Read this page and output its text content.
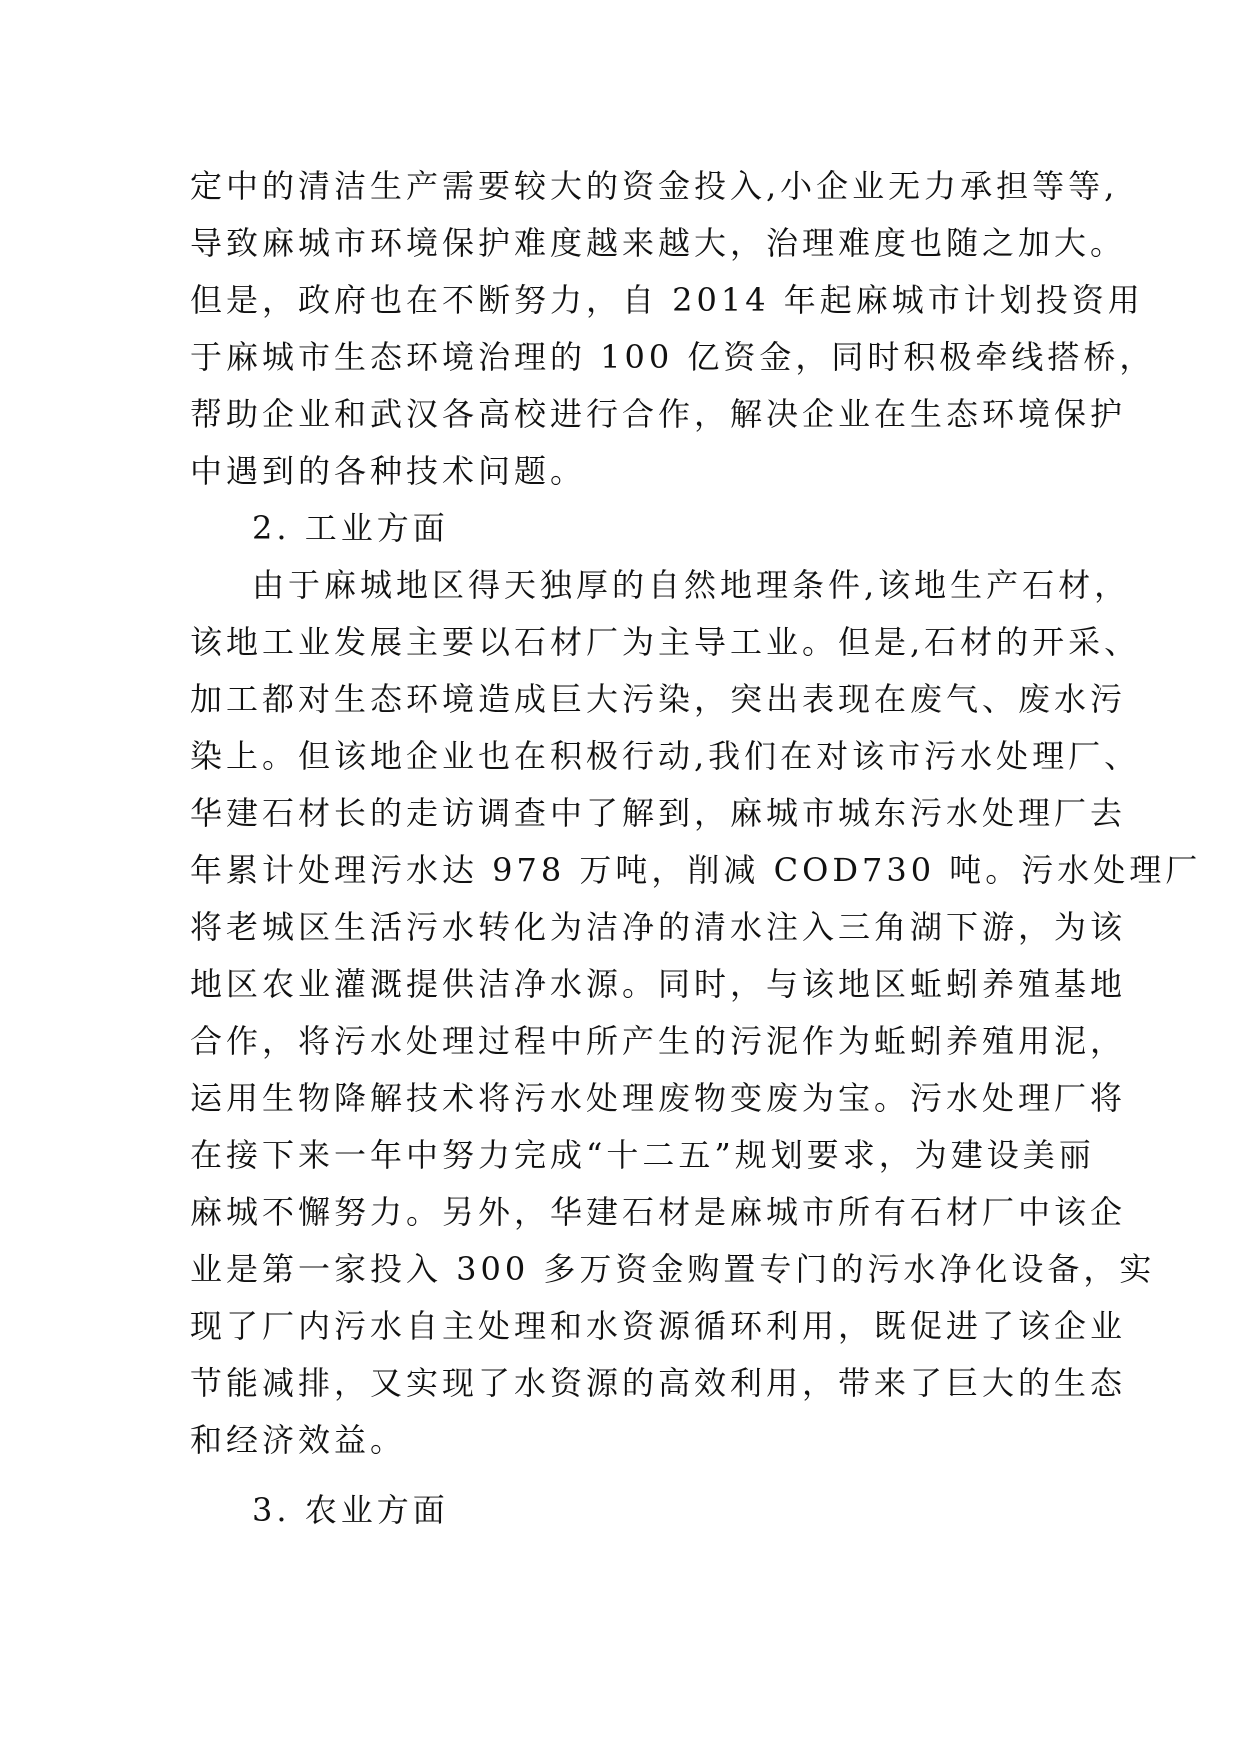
定中的清洁生产需要较大的资金投入,小企业无力承担等等,
导致麻城市环境保护难度越来越大，治理难度也随之加大。
但是，政府也在不断努力，自 2014 年起麻城市计划投资用
于麻城市生态环境治理的 100 亿资金，同时积极牵线搭桥，
帮助企业和武汉各高校进行合作，解决企业在生态环境保护
中遇到的各种技术问题。
2. 工业方面
由于麻城地区得天独厚的自然地理条件,该地生产石材，
该地工业发展主要以石材厂为主导工业。但是,石材的开采、
加工都对生态环境造成巨大污染，突出表现在废气、废水污
染上。但该地企业也在积极行动,我们在对该市污水处理厂、
华建石材长的走访调查中了解到，麻城市城东污水处理厂去
年累计处理污水达 978 万吨，削减 COD730 吨。污水处理厂
将老城区生活污水转化为洁净的清水注入三角湖下游，为该
地区农业灌溉提供洁净水源。同时，与该地区蚯蚓养殖基地
合作，将污水处理过程中所产生的污泥作为蚯蚓养殖用泥，
运用生物降解技术将污水处理废物变废为宝。污水处理厂将
在接下来一年中努力完成“十二五”规划要求，为建设美丽
麻城不懈努力。另外，华建石材是麻城市所有石材厂中该企
业是第一家投入 300 多万资金购置专门的污水净化设备，实
现了厂内污水自主处理和水资源循环利用，既促进了该企业
节能减排，又实现了水资源的高效利用，带来了巨大的生态
和经济效益。
3. 农业方面
